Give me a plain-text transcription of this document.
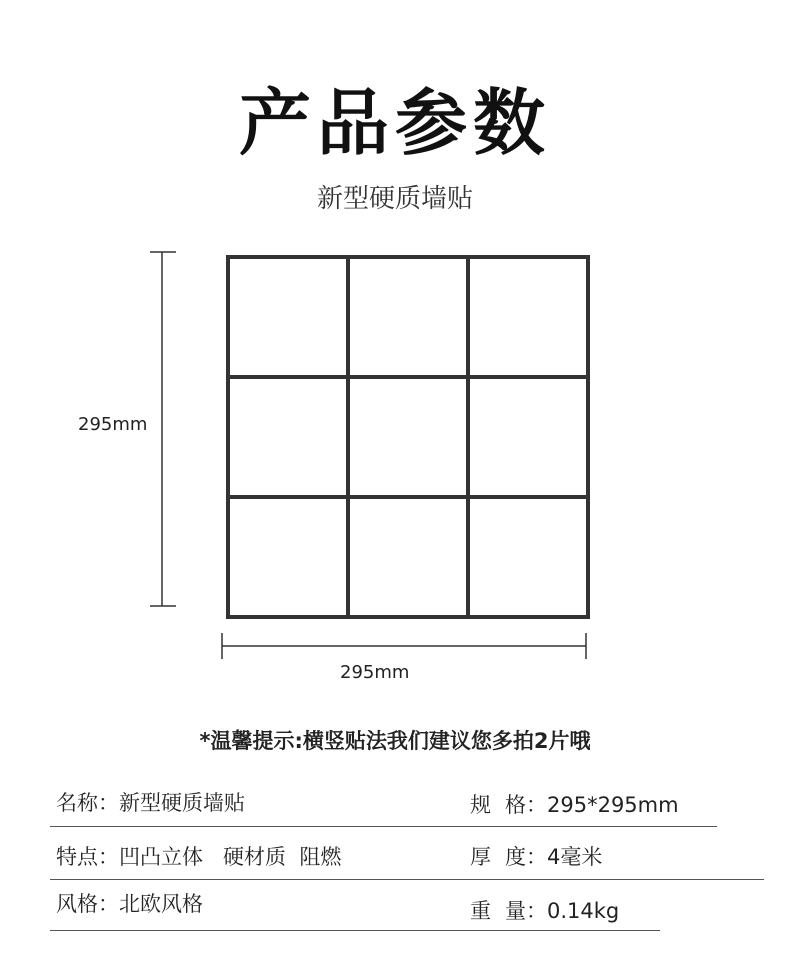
产品参数
新型硬质墙贴
295mm
295mm
*温馨提示:横竖贴法我们建议您多拍2片哦
名称：新型硬质墙贴	规格：295*295mm
特点：凹凸立体   硬材质  阻燃	厚度：4毫米
风格：北欧风格	重量：0.14kg
